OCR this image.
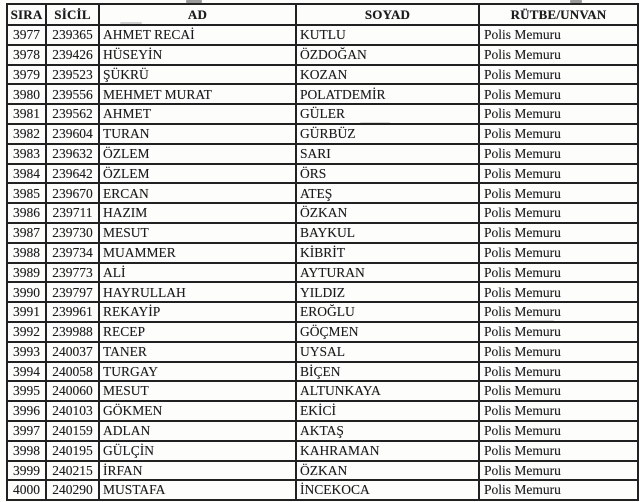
SIRA	SİCİL	AD	SOYAD	RÜTBE/UNVAN
3977	239365	AHMET RECAİ	KUTLU	Polis Memuru
3978	239426	HÜSEYİN	ÖZDOĞAN	Polis Memuru
3979	239523	ŞÜKRÜ	KOZAN	Polis Memuru
3980	239556	MEHMET MURAT	POLATDEMİR	Polis Memuru
3981	239562	AHMET	GÜLER	Polis Memuru
3982	239604	TURAN	GÜRBÜZ	Polis Memuru
3983	239632	ÖZLEM	SARI	Polis Memuru
3984	239642	ÖZLEM	ÖRS	Polis Memuru
3985	239670	ERCAN	ATEŞ	Polis Memuru
3986	239711	HAZIM	ÖZKAN	Polis Memuru
3987	239730	MESUT	BAYKUL	Polis Memuru
3988	239734	MUAMMER	KİBRİT	Polis Memuru
3989	239773	ALİ	AYTURAN	Polis Memuru
3990	239797	HAYRULLAH	YILDIZ	Polis Memuru
3991	239961	REKAYİP	EROĞLU	Polis Memuru
3992	239988	RECEP	GÖÇMEN	Polis Memuru
3993	240037	TANER	UYSAL	Polis Memuru
3994	240058	TURGAY	BİÇEN	Polis Memuru
3995	240060	MESUT	ALTUNKAYA	Polis Memuru
3996	240103	GÖKMEN	EKİCİ	Polis Memuru
3997	240159	ADLAN	AKTAŞ	Polis Memuru
3998	240195	GÜLÇİN	KAHRAMAN	Polis Memuru
3999	240215	İRFAN	ÖZKAN	Polis Memuru
4000	240290	MUSTAFA	İNCEKOCA	Polis Memuru
